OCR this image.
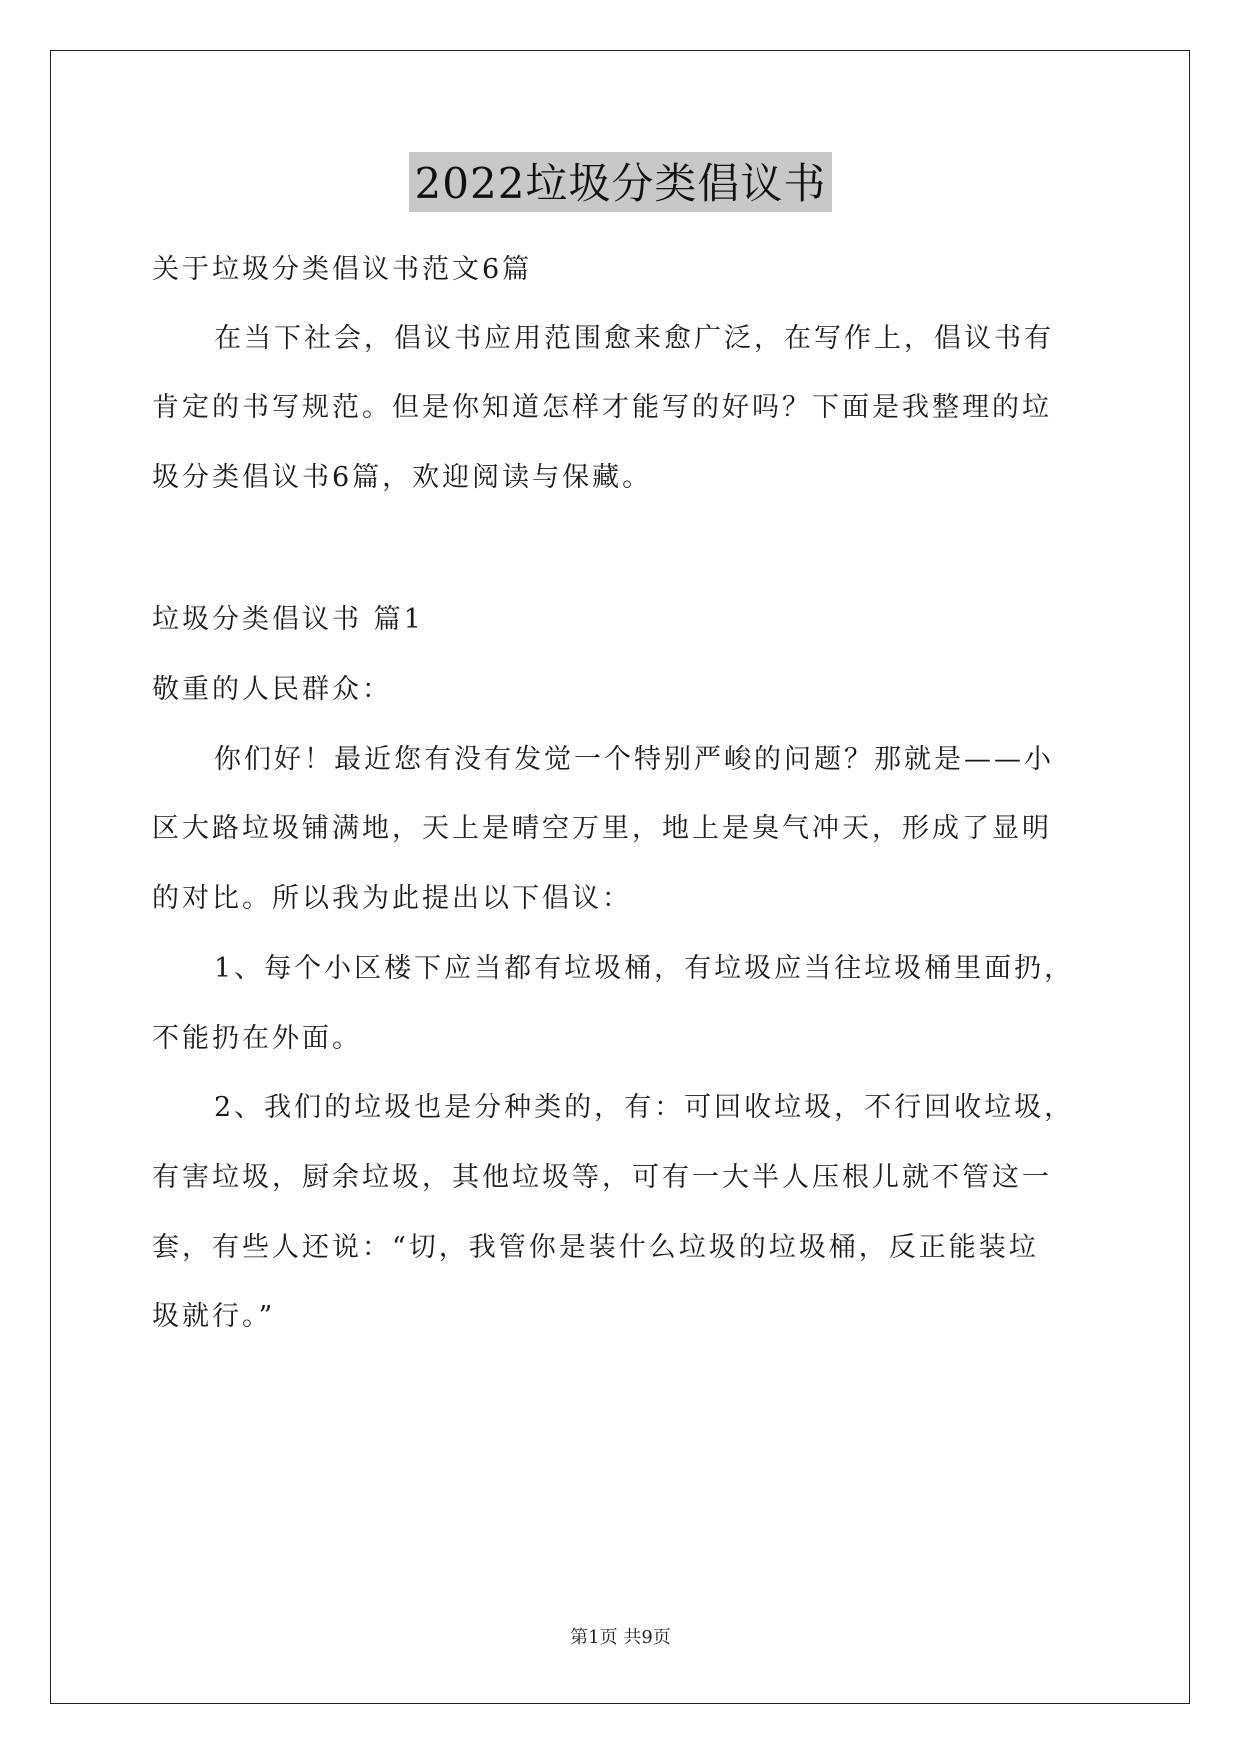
2022垃圾分类倡议书
关于垃圾分类倡议书范文6篇
在当下社会，倡议书应用范围愈来愈广泛，在写作上，倡议书有
肯定的书写规范。但是你知道怎样才能写的好吗？下面是我整理的垃
圾分类倡议书6篇，欢迎阅读与保藏。
垃圾分类倡议书 篇1
敬重的人民群众：
你们好！最近您有没有发觉一个特别严峻的问题？那就是——小
区大路垃圾铺满地，天上是晴空万里，地上是臭气冲天，形成了显明
的对比。所以我为此提出以下倡议：
1、每个小区楼下应当都有垃圾桶，有垃圾应当往垃圾桶里面扔，
不能扔在外面。
2、我们的垃圾也是分种类的，有：可回收垃圾，不行回收垃圾，
有害垃圾，厨余垃圾，其他垃圾等，可有一大半人压根儿就不管这一
套，有些人还说：“切，我管你是装什么垃圾的垃圾桶，反正能装垃
圾就行。”
第1页 共9页
